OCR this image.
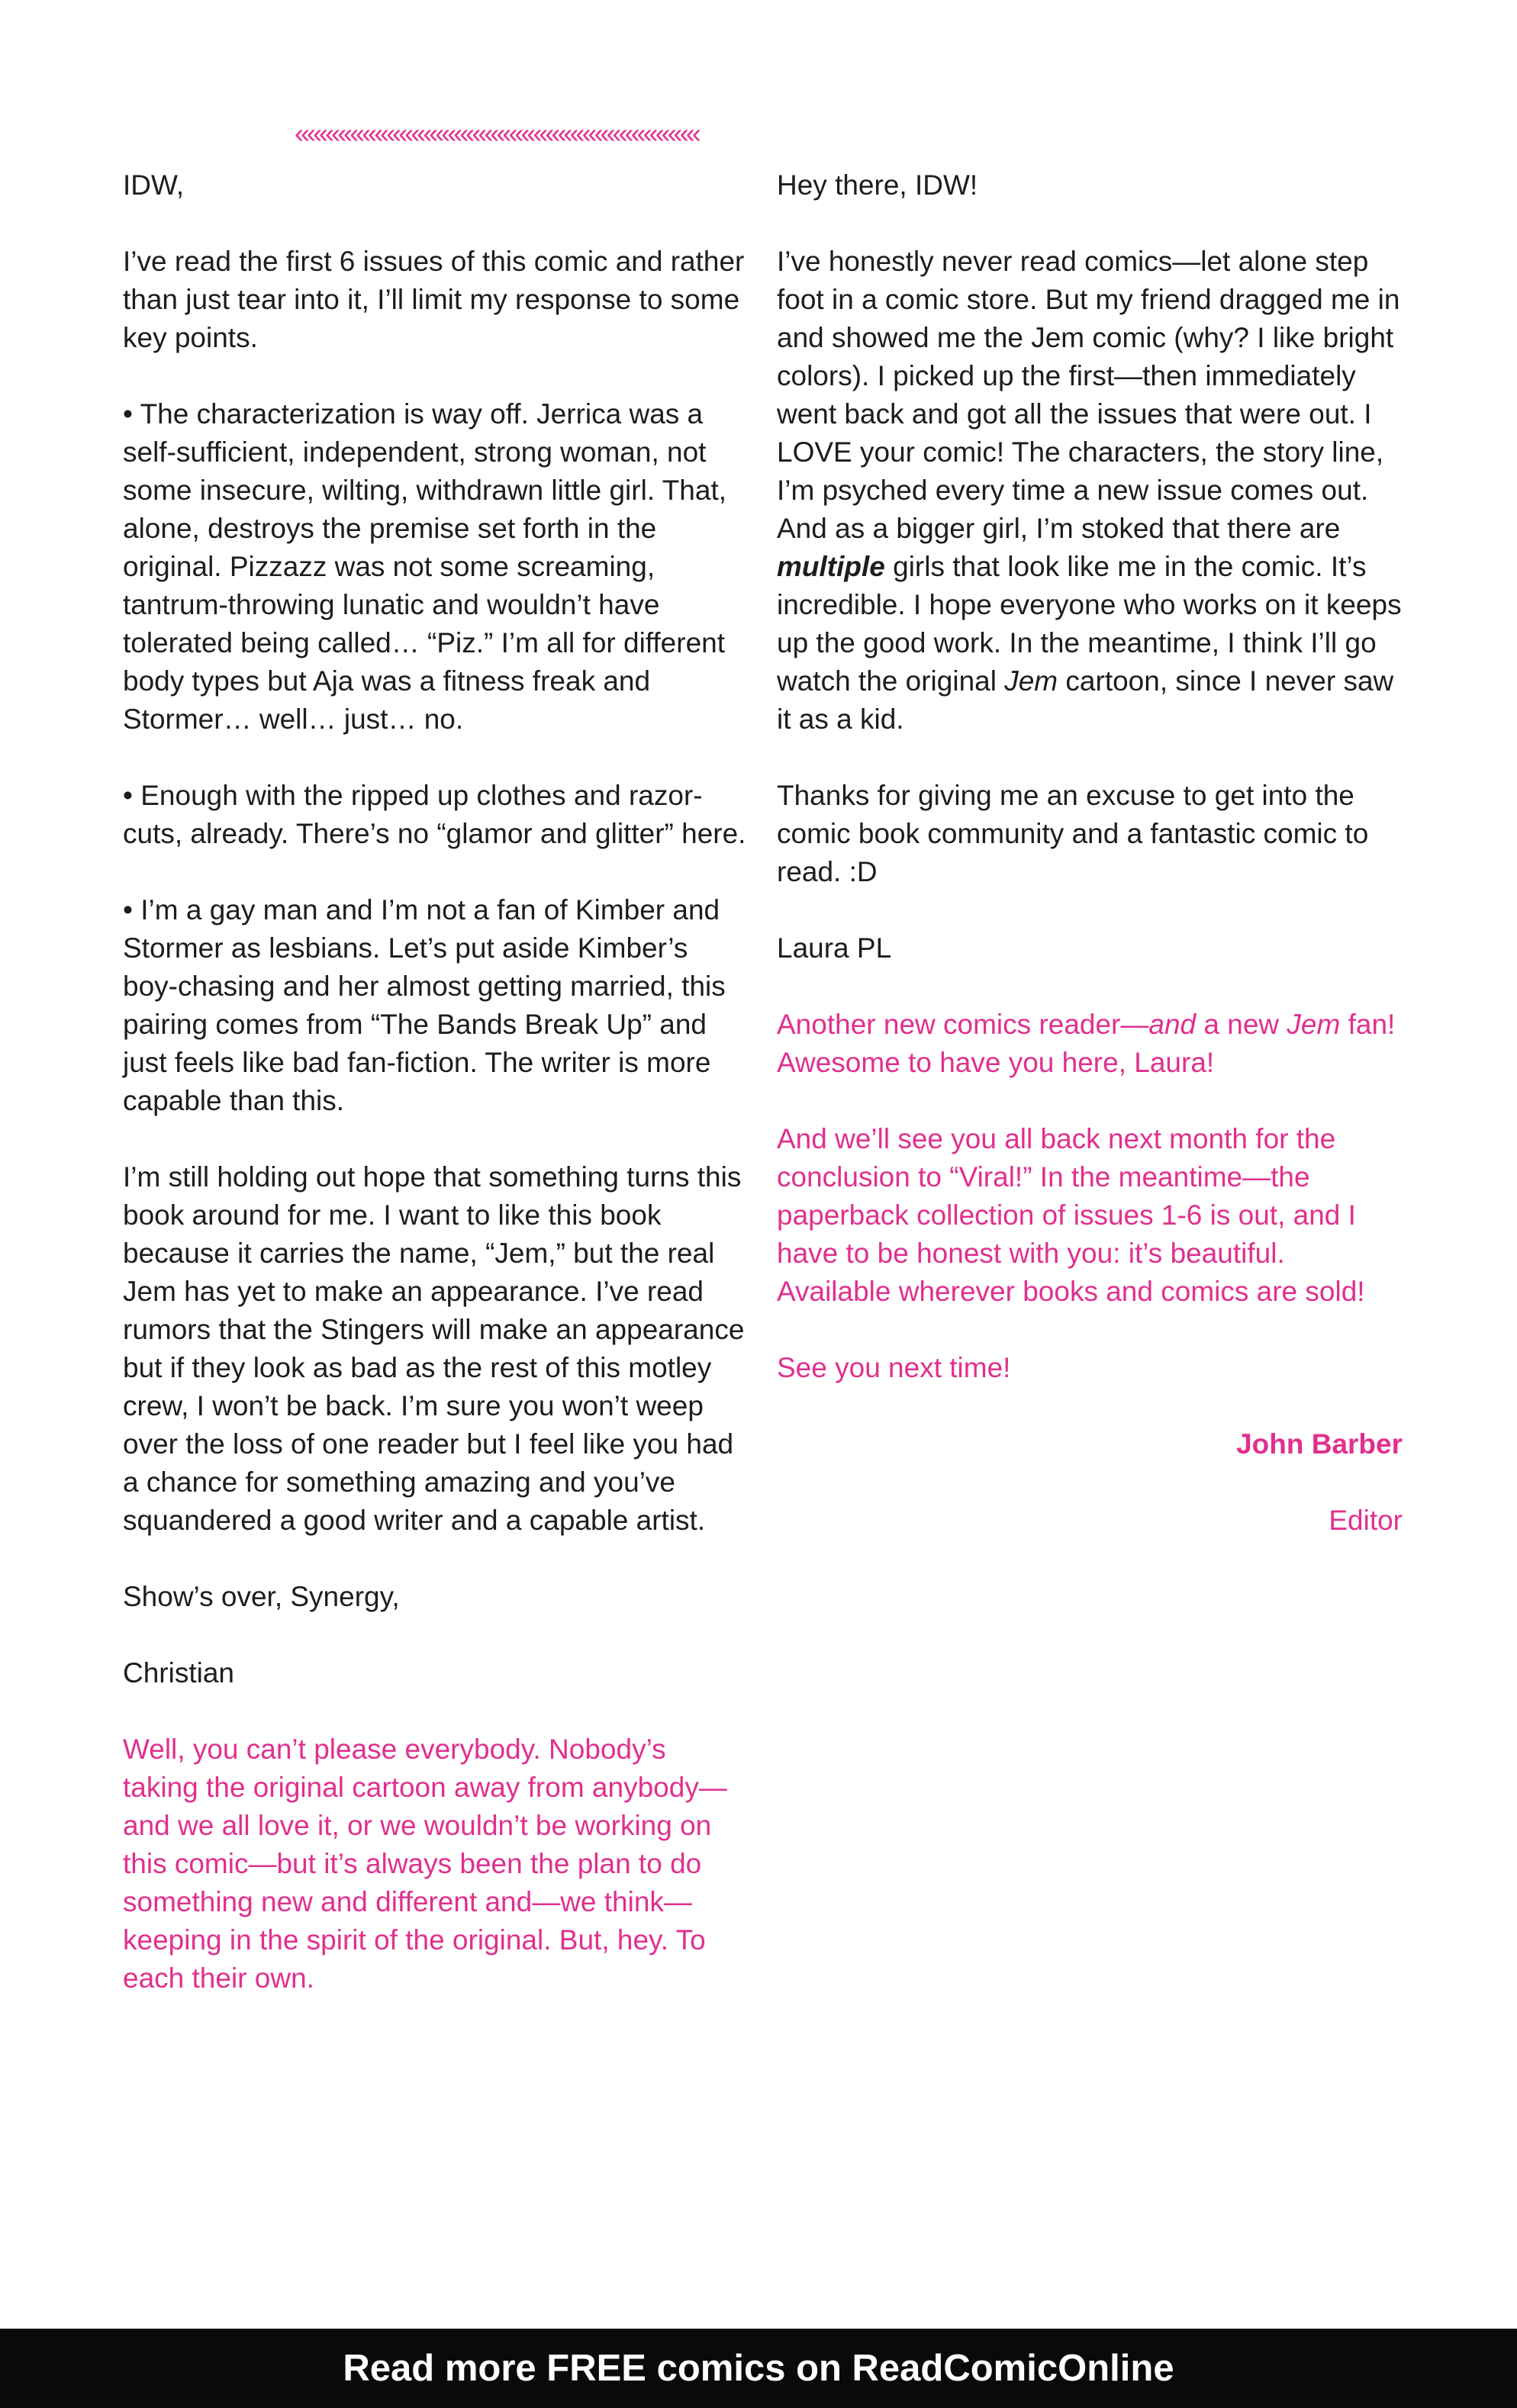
«««««««««««««««««««««««««««««««««

IDW,

I’ve read the first 6 issues of this comic and rather than just tear into it, I’ll limit my response to some key points.

• The characterization is way off. Jerrica was a self-sufficient, independent, strong woman, not some insecure, wilting, withdrawn little girl. That, alone, destroys the premise set forth in the original. Pizzazz was not some screaming, tantrum-throwing lunatic and wouldn’t have tolerated being called… “Piz.” I’m all for different body types but Aja was a fitness freak and Stormer… well… just… no.

• Enough with the ripped up clothes and razor-cuts, already. There’s no “glamor and glitter” here.

• I’m a gay man and I’m not a fan of Kimber and Stormer as lesbians. Let’s put aside Kimber’s boy-chasing and her almost getting married, this pairing comes from “The Bands Break Up” and just feels like bad fan-fiction. The writer is more capable than this.

I’m still holding out hope that something turns this book around for me. I want to like this book because it carries the name, “Jem,” but the real Jem has yet to make an appearance. I’ve read rumors that the Stingers will make an appearance but if they look as bad as the rest of this motley crew, I won’t be back. I’m sure you won’t weep over the loss of one reader but I feel like you had a chance for something amazing and you’ve squandered a good writer and a capable artist.

Show’s over, Synergy,

Christian

Well, you can’t please everybody. Nobody’s taking the original cartoon away from anybody—and we all love it, or we wouldn’t be working on this comic—but it’s always been the plan to do something new and different and—we think—keeping in the spirit of the original. But, hey. To each their own.

Hey there, IDW!

I’ve honestly never read comics—let alone step foot in a comic store. But my friend dragged me in and showed me the Jem comic (why? I like bright colors). I picked up the first—then immediately went back and got all the issues that were out. I LOVE your comic! The characters, the story line, I’m psyched every time a new issue comes out. And as a bigger girl, I’m stoked that there are multiple girls that look like me in the comic. It’s incredible. I hope everyone who works on it keeps up the good work. In the meantime, I think I’ll go watch the original Jem cartoon, since I never saw it as a kid.

Thanks for giving me an excuse to get into the comic book community and a fantastic comic to read. :D

Laura PL

Another new comics reader—and a new Jem fan! Awesome to have you here, Laura!

And we’ll see you all back next month for the conclusion to “Viral!” In the meantime—the paperback collection of issues 1-6 is out, and I have to be honest with you: it’s beautiful. Available wherever books and comics are sold!

See you next time!

John Barber

Editor

Read more FREE comics on ReadComicOnline
